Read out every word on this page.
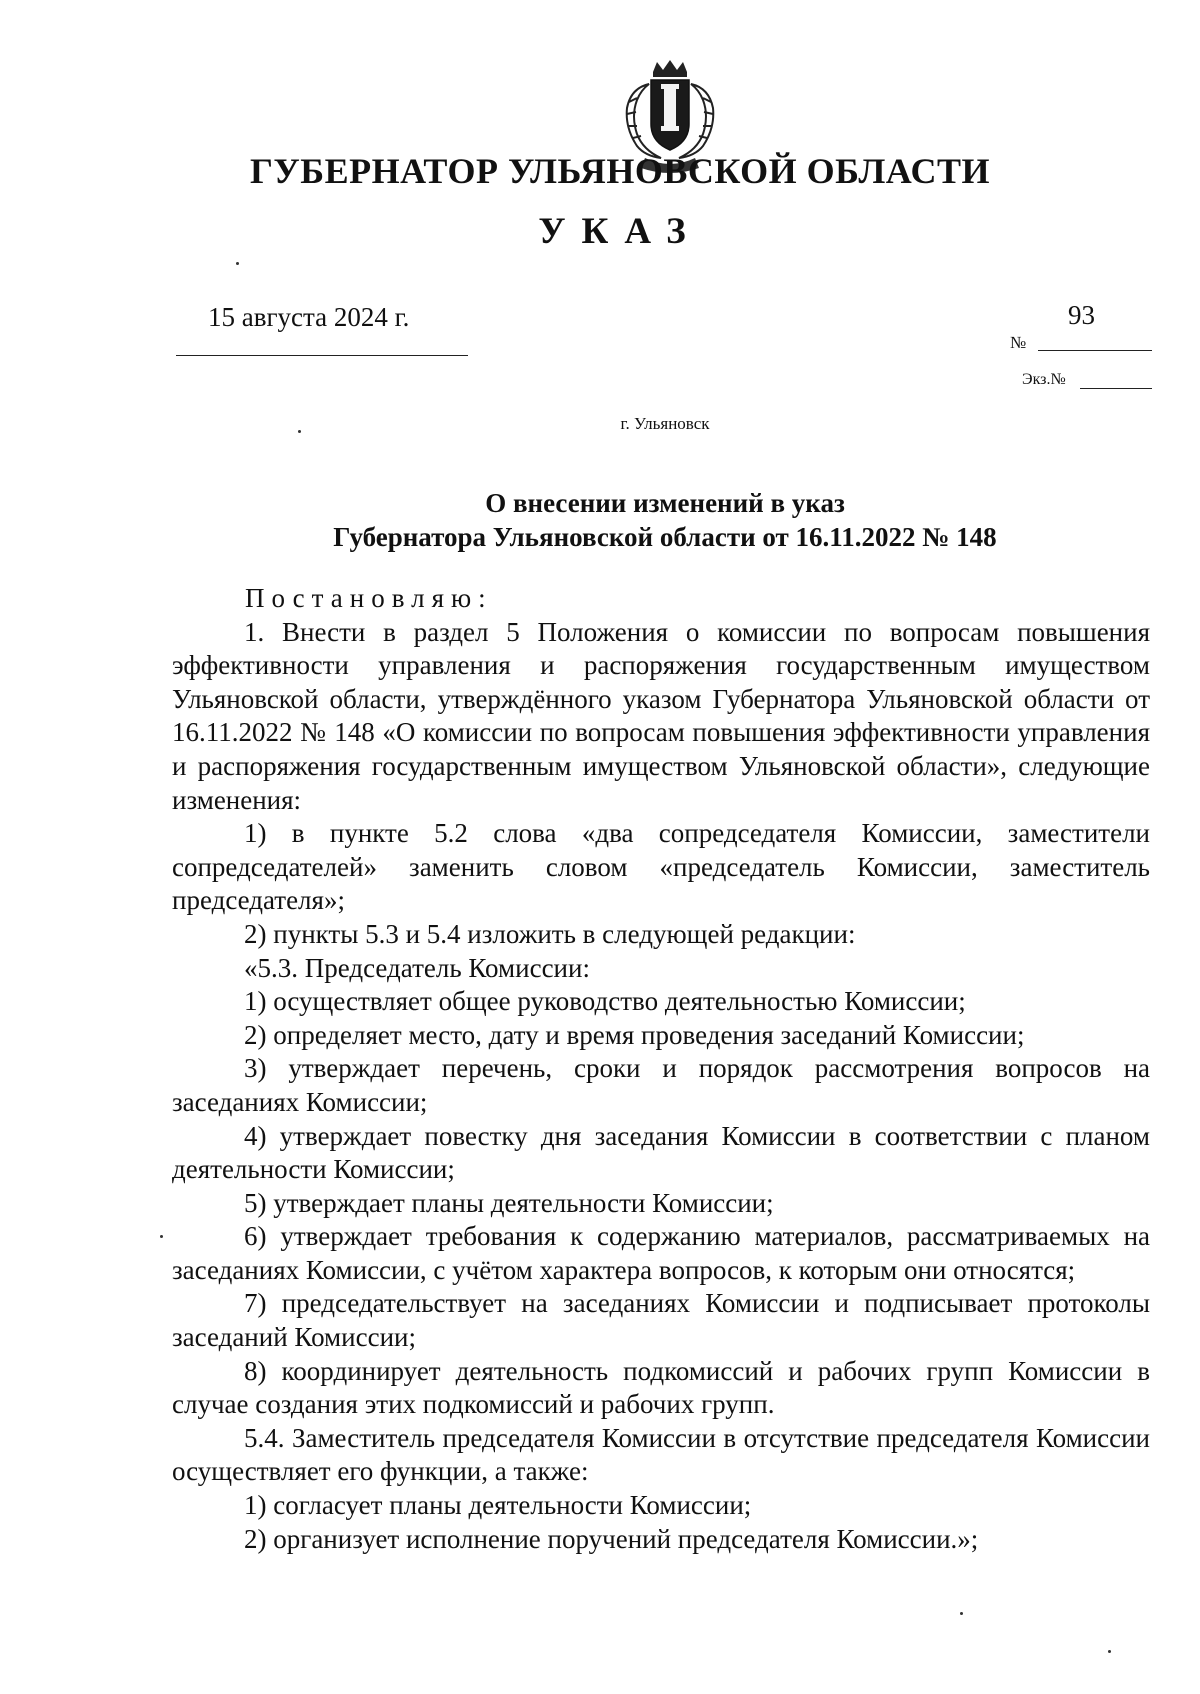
ГУБЕРНАТОР УЛЬЯНОВСКОЙ ОБЛАСТИ
УКАЗ
15 августа 2024 г.	93
№
Экз.№
г. Ульяновск
О внесении изменений в указ
Губернатора Ульяновской области от 16.11.2022 № 148

Постановляю:

1. Внести в раздел 5 Положения о комиссии по вопросам повышения эффективности управления и распоряжения государственным имуществом Ульяновской области, утверждённого указом Губернатора Ульяновской области от 16.11.2022 № 148 «О комиссии по вопросам повышения эффективности управления и распоряжения государственным имуществом Ульяновской области», следующие изменения:

1) в пункте 5.2 слова «два сопредседателя Комиссии, заместители сопредседателей» заменить словом «председатель Комиссии, заместитель председателя»;

2) пункты 5.3 и 5.4 изложить в следующей редакции:

«5.3. Председатель Комиссии:

1) осуществляет общее руководство деятельностью Комиссии;

2) определяет место, дату и время проведения заседаний Комиссии;

3) утверждает перечень, сроки и порядок рассмотрения вопросов на заседаниях Комиссии;

4) утверждает повестку дня заседания Комиссии в соответствии с планом деятельности Комиссии;

5) утверждает планы деятельности Комиссии;

6) утверждает требования к содержанию материалов, рассматриваемых на заседаниях Комиссии, с учётом характера вопросов, к которым они относятся;

7) председательствует на заседаниях Комиссии и подписывает протоколы заседаний Комиссии;

8) координирует деятельность подкомиссий и рабочих групп Комиссии в случае создания этих подкомиссий и рабочих групп.

5.4. Заместитель председателя Комиссии в отсутствие председателя Комиссии осуществляет его функции, а также:

1) согласует планы деятельности Комиссии;

2) организует исполнение поручений председателя Комиссии.»;
